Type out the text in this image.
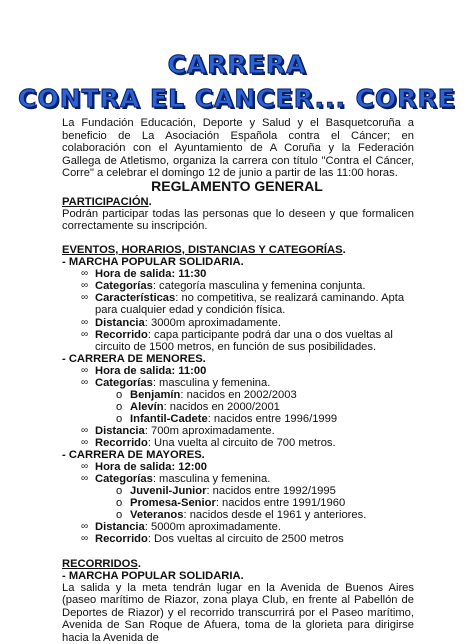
CARRERA
CONTRA EL CANCER... CORRE
La Fundación Educación, Deporte y Salud y el Basquetcoruña a beneficio de La Asociación Española contra el Cáncer; en colaboración con el Ayuntamiento de A Coruña y la Federación Gallega de Atletismo, organiza la carrera con título "Contra el Cáncer, Corre" a celebrar el domingo 12 de junio a partir de las 11:00 horas.
REGLAMENTO GENERAL
PARTICIPACIÓN.
Podrán participar todas las personas que lo deseen y que formalicen correctamente su inscripción.
EVENTOS, HORARIOS, DISTANCIAS Y CATEGORÍAS.
- MARCHA POPULAR SOLIDARIA.
∞ Hora de salida: 11:30
∞ Categorías: categoría masculina y femenina conjunta.
∞ Características: no competitiva, se realizará caminando. Apta para cualquier edad y condición física.
∞ Distancia: 3000m aproximadamente.
∞ Recorrido: capa participante podrá dar una o dos vueltas al circuito de 1500 metros, en función de sus posibilidades.
- CARRERA DE MENORES.
∞ Hora de salida: 11:00
∞ Categorías: masculina y femenina.
o Benjamín: nacidos en 2002/2003
o Alevín: nacidos en 2000/2001
o Infantil-Cadete: nacidos entre 1996/1999
∞ Distancia: 700m aproximadamente.
∞ Recorrido: Una vuelta al circuito de 700 metros.
- CARRERA DE MAYORES.
∞ Hora de salida: 12:00
∞ Categorías: masculina y femenina.
o Juvenil-Junior: nacidos entre 1992/1995
o Promesa-Senior: nacidos entre 1991/1960
o Veteranos: nacidos desde el 1961 y anteriores.
∞ Distancia: 5000m aproximadamente.
∞ Recorrido: Dos vueltas al circuito de 2500 metros
RECORRIDOS.
- MARCHA POPULAR SOLIDARIA.
La salida y la meta tendrán lugar en la Avenida de Buenos Aires (paseo marítimo de Riazor, zona playa Club, en frente al Pabellón de Deportes de Riazor) y el recorrido transcurrirá por el Paseo marítimo, Avenida de San Roque de Afuera, toma de la glorieta para dirigirse hacia la Avenida de
